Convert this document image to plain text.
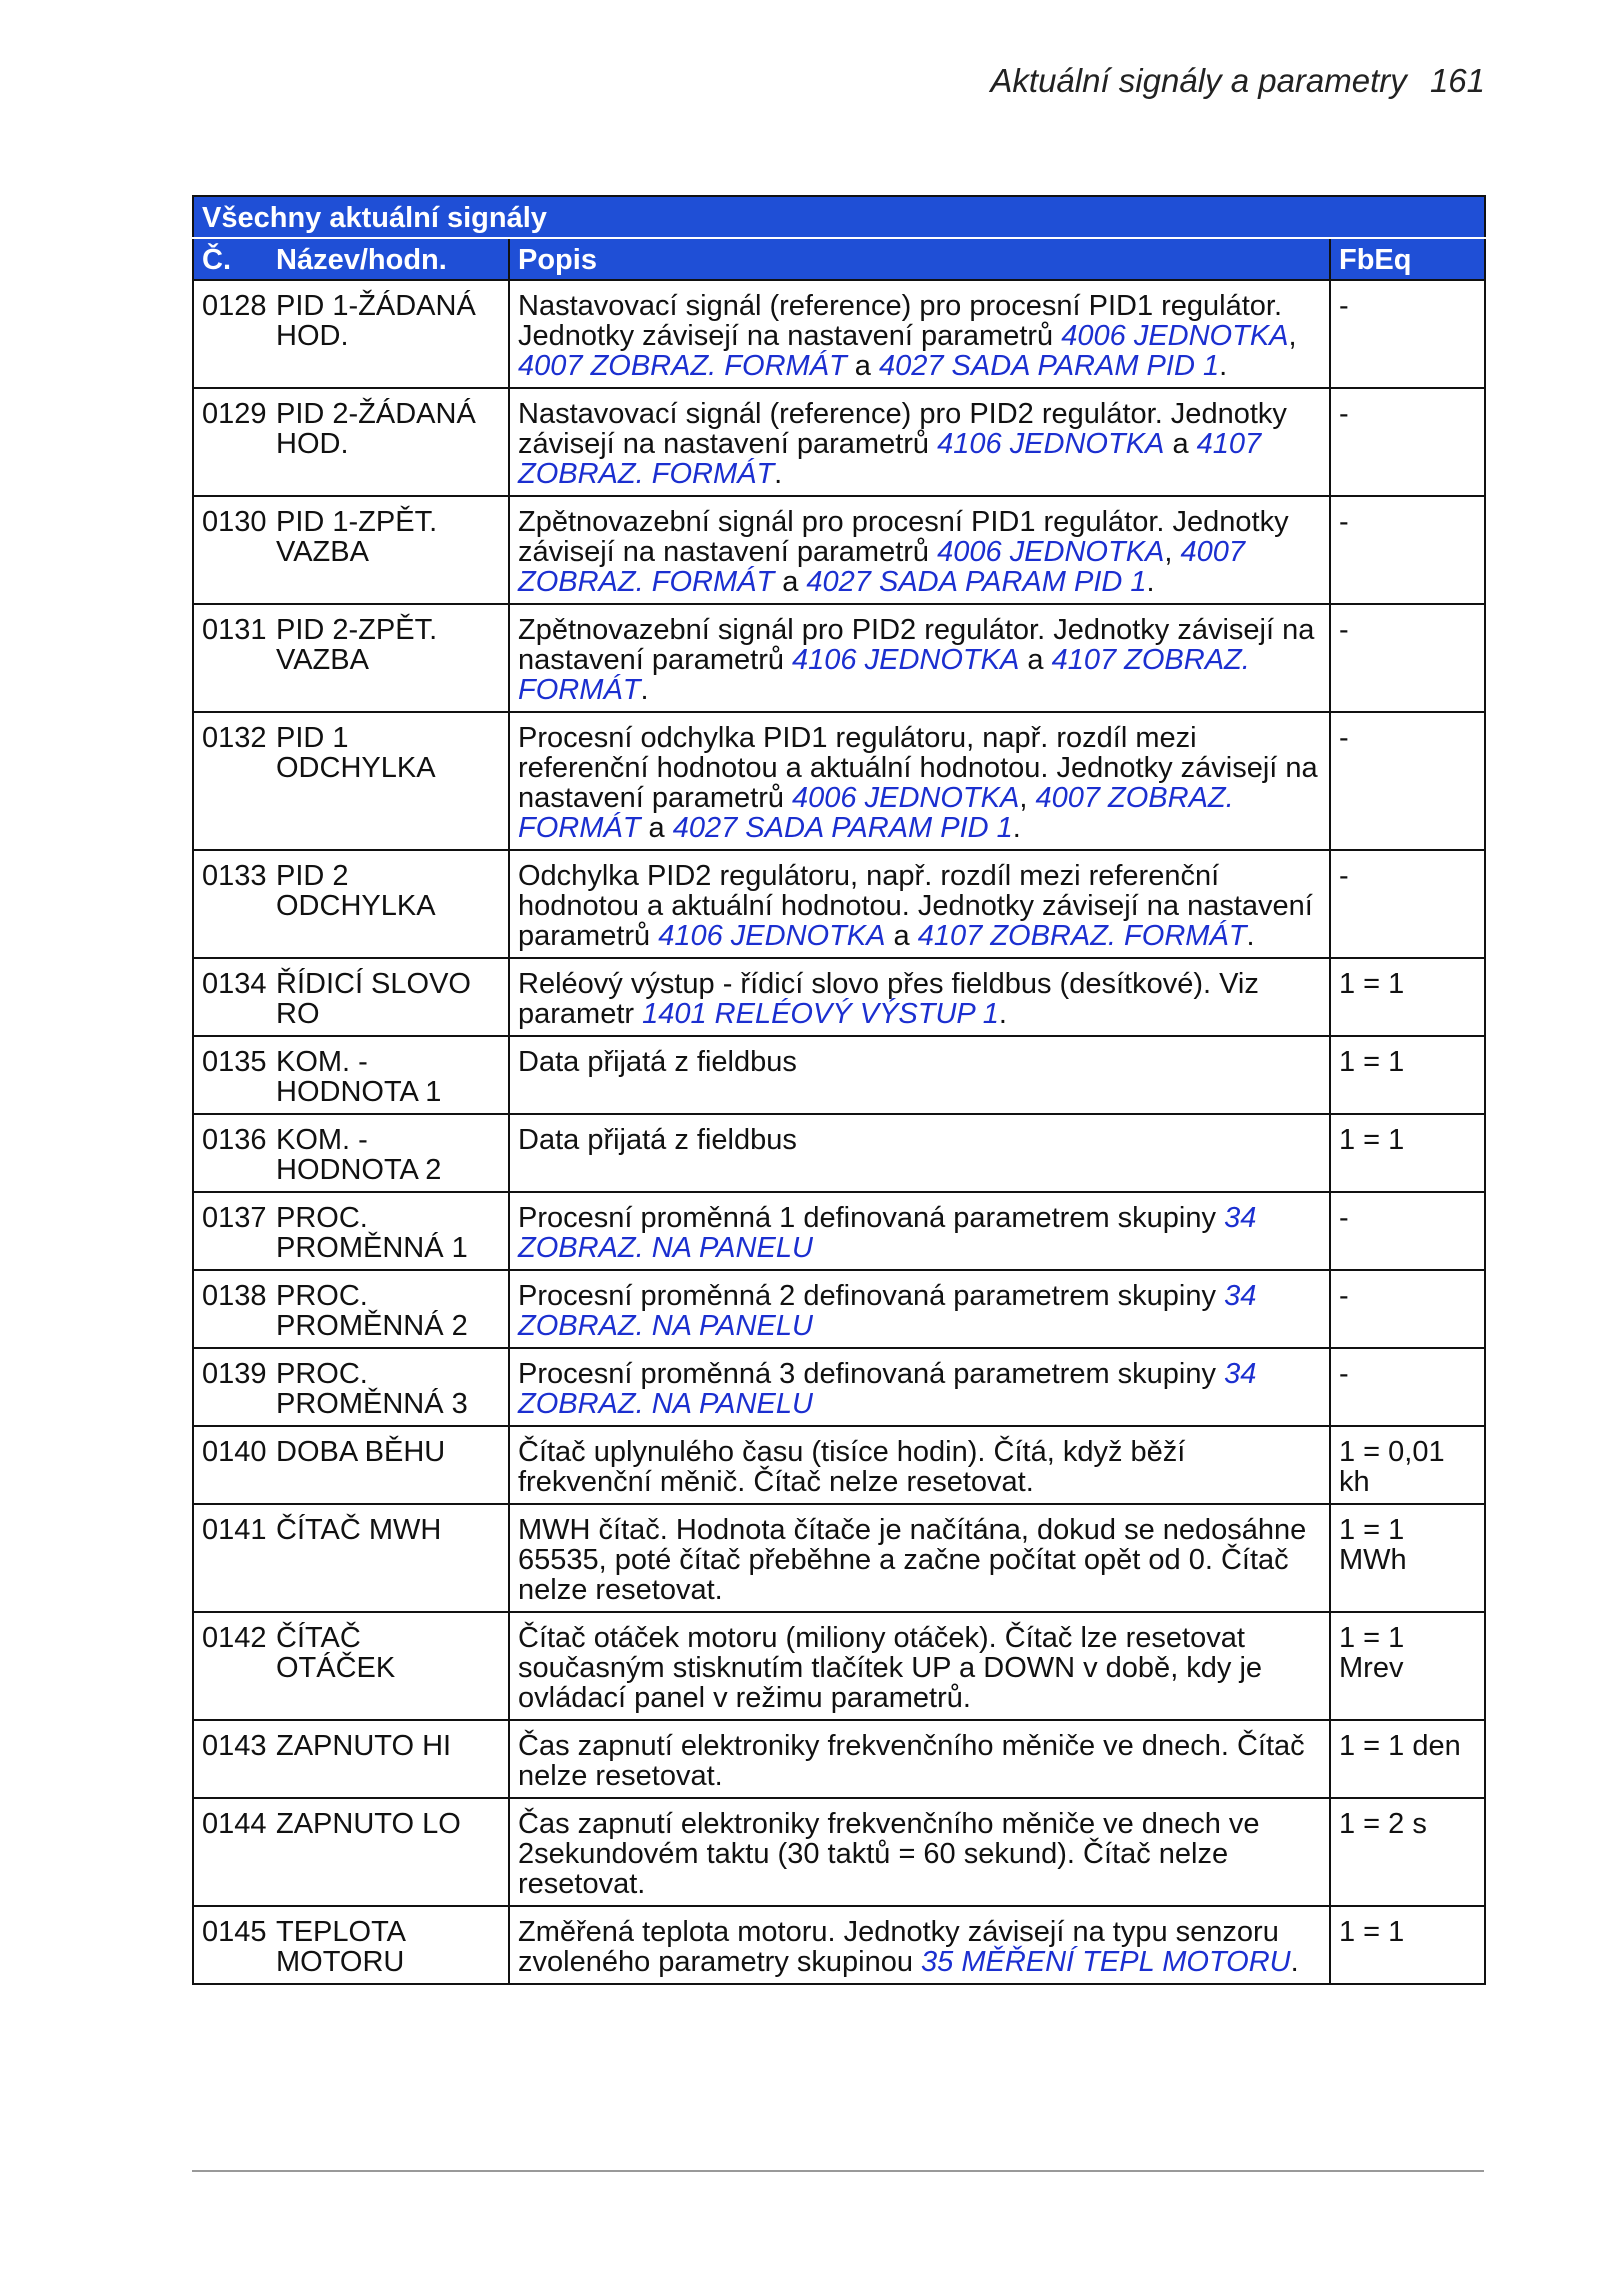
Aktuální signály a parametry 161
Všechny aktuální signály		
Č. Název/hodn.	Popis	FbEq
0128 PID 1-ŽÁDANÁ HOD.	Nastavovací signál (reference) pro procesní PID1 regulátor. Jednotky závisejí na nastavení parametrů 4006 JEDNOTKA, 4007 ZOBRAZ. FORMÁT a 4027 SADA PARAM PID 1.	-
0129 PID 2-ŽÁDANÁ HOD.	Nastavovací signál (reference) pro PID2 regulátor. Jednotky závisejí na nastavení parametrů 4106 JEDNOTKA a 4107 ZOBRAZ. FORMÁT.	-
0130 PID 1-ZPĚT. VAZBA	Zpětnovazební signál pro procesní PID1 regulátor. Jednotky závisejí na nastavení parametrů 4006 JEDNOTKA, 4007 ZOBRAZ. FORMÁT a 4027 SADA PARAM PID 1.	-
0131 PID 2-ZPĚT. VAZBA	Zpětnovazební signál pro PID2 regulátor. Jednotky závisejí na nastavení parametrů 4106 JEDNOTKA a 4107 ZOBRAZ. FORMÁT.	-
0132 PID 1 ODCHYLKA	Procesní odchylka PID1 regulátoru, např. rozdíl mezi referenční hodnotou a aktuální hodnotou. Jednotky závisejí na nastavení parametrů 4006 JEDNOTKA, 4007 ZOBRAZ. FORMÁT a 4027 SADA PARAM PID 1.	-
0133 PID 2 ODCHYLKA	Odchylka PID2 regulátoru, např. rozdíl mezi referenční hodnotou a aktuální hodnotou. Jednotky závisejí na nastavení parametrů 4106 JEDNOTKA a 4107 ZOBRAZ. FORMÁT.	-
0134 ŘÍDICÍ SLOVO RO	Reléový výstup - řídicí slovo přes fieldbus (desítkové). Viz parametr 1401 RELÉOVÝ VÝSTUP 1.	1 = 1
0135 KOM. - HODNOTA 1	Data přijatá z fieldbus	1 = 1
0136 KOM. - HODNOTA 2	Data přijatá z fieldbus	1 = 1
0137 PROC. PROMĚNNÁ 1	Procesní proměnná 1 definovaná parametrem skupiny 34 ZOBRAZ. NA PANELU	-
0138 PROC. PROMĚNNÁ 2	Procesní proměnná 2 definovaná parametrem skupiny 34 ZOBRAZ. NA PANELU	-
0139 PROC. PROMĚNNÁ 3	Procesní proměnná 3 definovaná parametrem skupiny 34 ZOBRAZ. NA PANELU	-
0140 DOBA BĚHU	Čítač uplynulého času (tisíce hodin). Čítá, když běží frekvenční měnič. Čítač nelze resetovat.	1 = 0,01 kh
0141 ČÍTAČ MWH	MWH čítač. Hodnota čítače je načítána, dokud se nedosáhne 65535, poté čítač přeběhne a začne počítat opět od 0. Čítač nelze resetovat.	1 = 1 MWh
0142 ČÍTAČ OTÁČEK	Čítač otáček motoru (miliony otáček). Čítač lze resetovat současným stisknutím tlačítek UP a DOWN v době, kdy je ovládací panel v režimu parametrů.	1 = 1 Mrev
0143 ZAPNUTO HI	Čas zapnutí elektroniky frekvenčního měniče ve dnech. Čítač nelze resetovat.	1 = 1 den
0144 ZAPNUTO LO	Čas zapnutí elektroniky frekvenčního měniče ve dnech ve 2sekundovém taktu (30 taktů = 60 sekund). Čítač nelze resetovat.	1 = 2 s
0145 TEPLOTA MOTORU	Změřená teplota motoru. Jednotky závisejí na typu senzoru zvoleného parametry skupinou 35 MĚŘENÍ TEPL MOTORU.	1 = 1
